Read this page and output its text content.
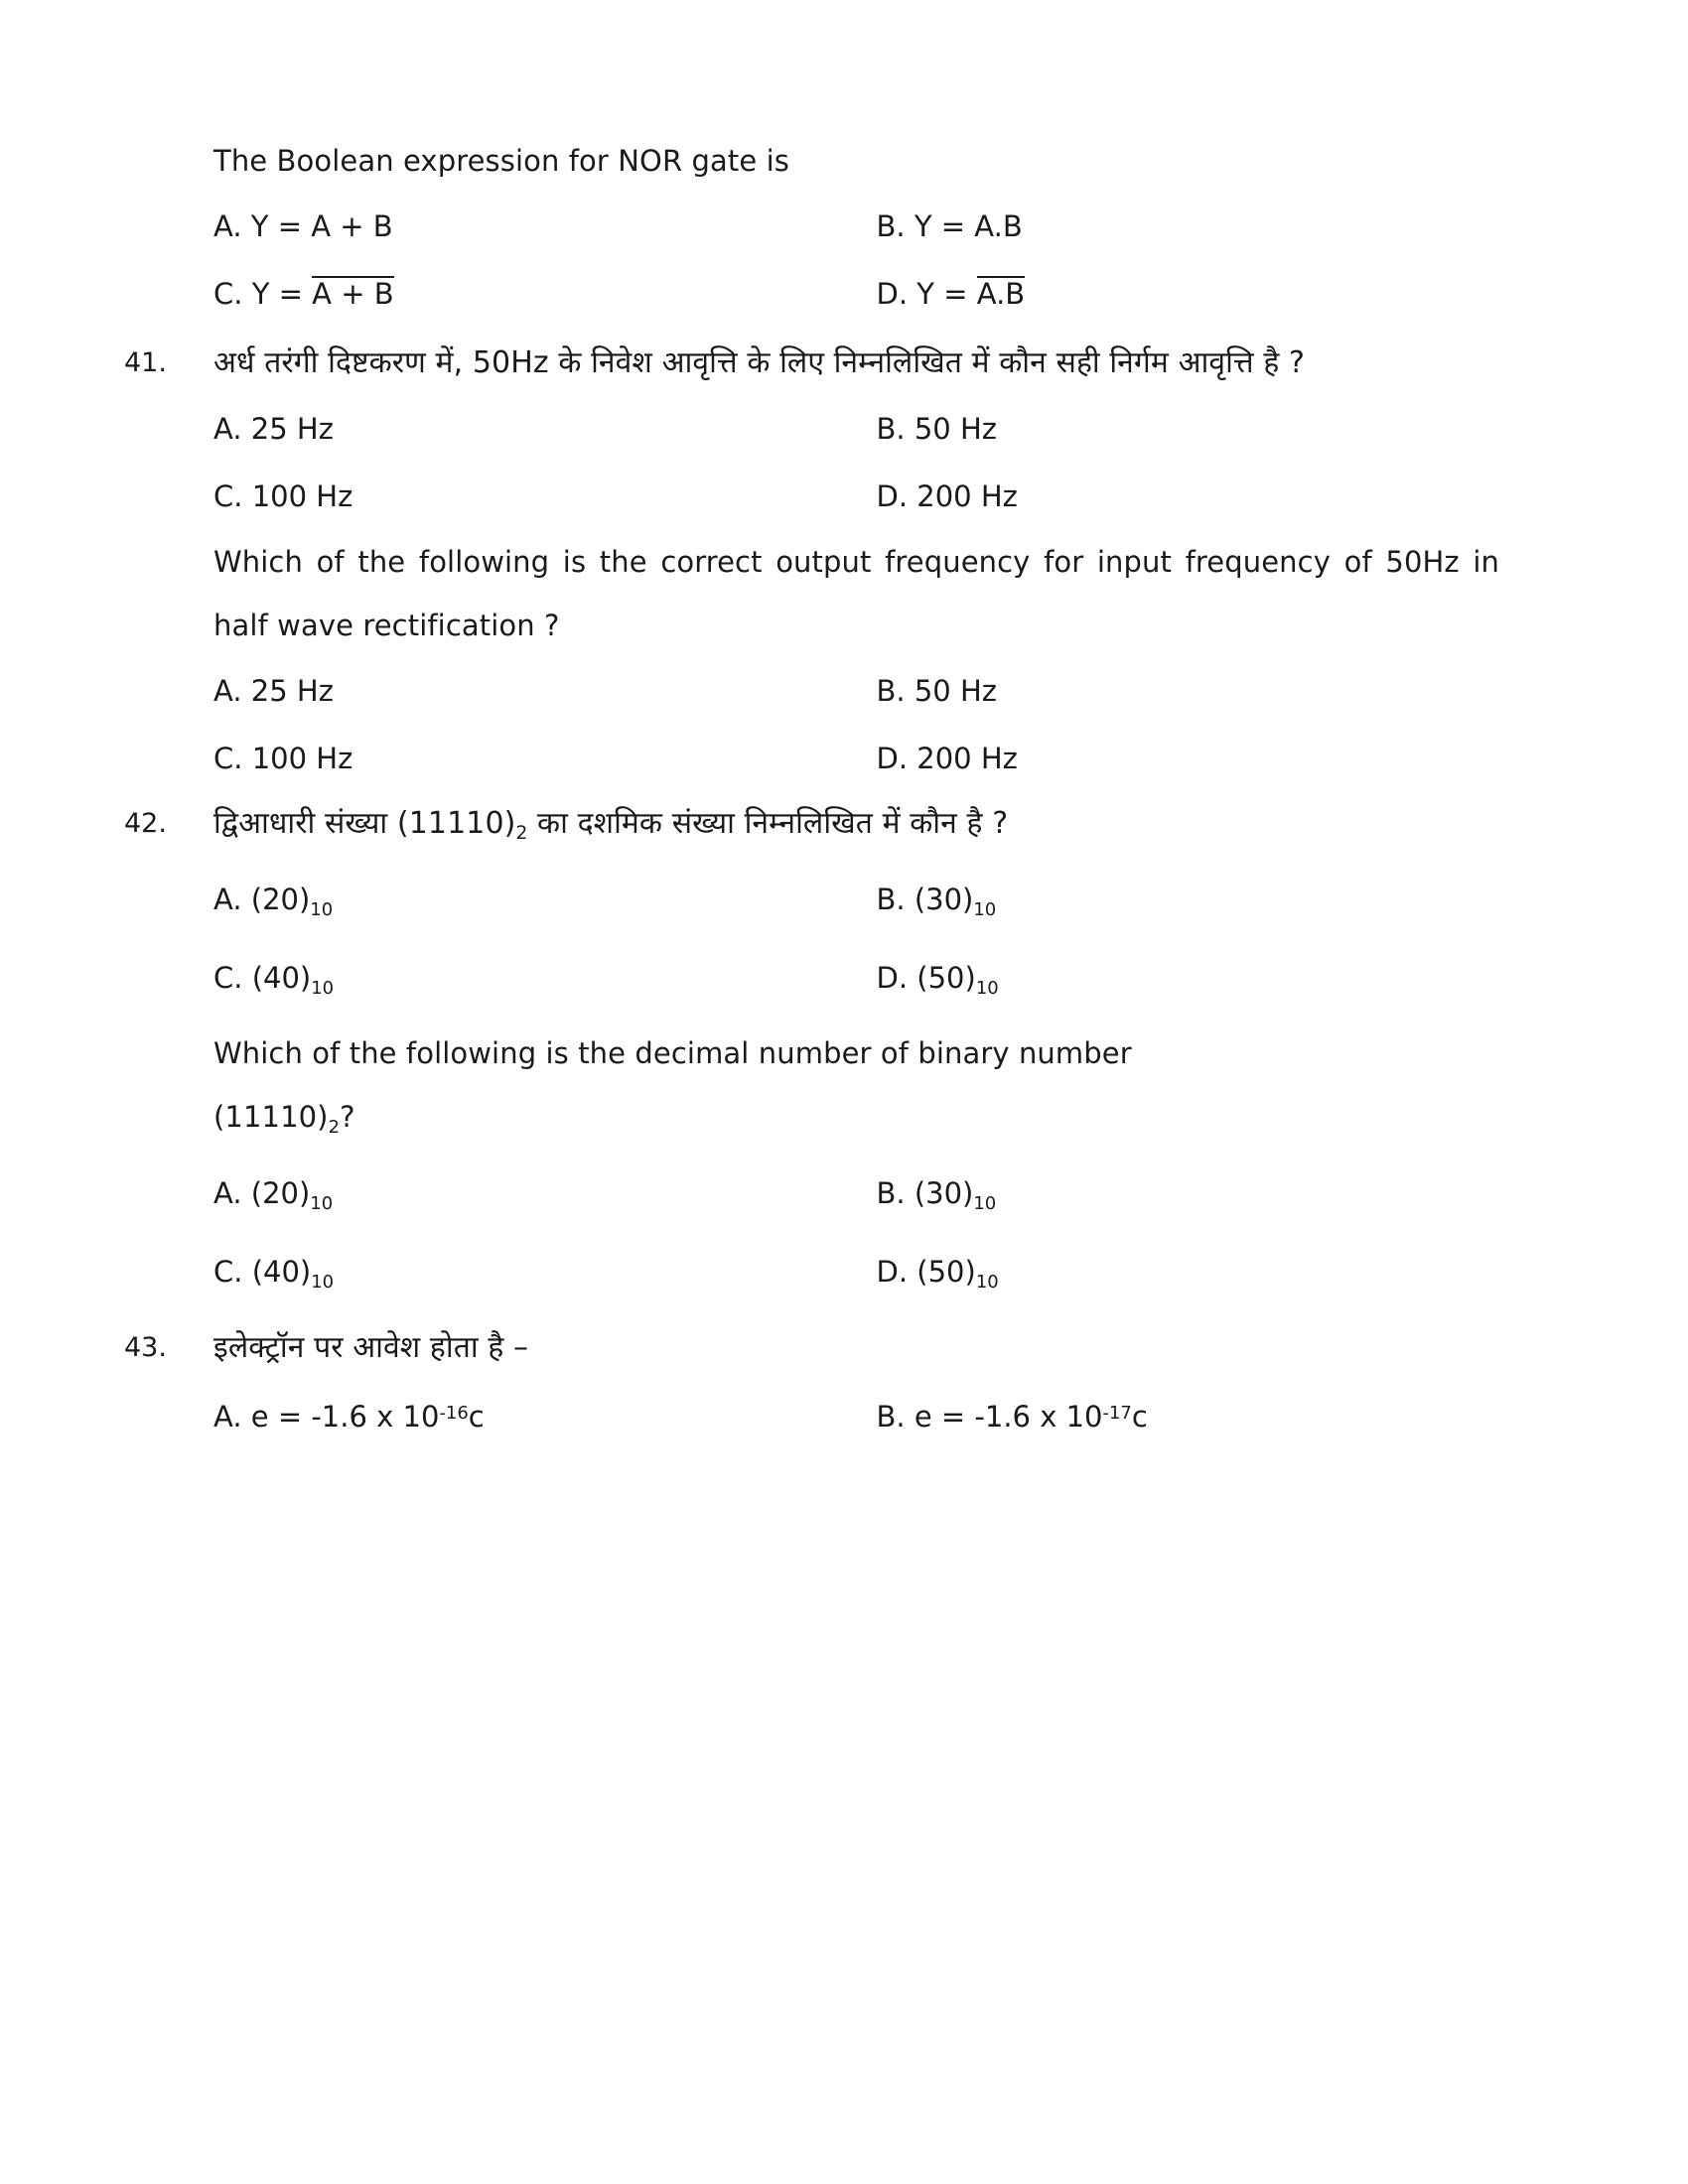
The Boolean expression for NOR gate is
A. Y = A + B	B. Y = A.B
C. Y = A + B	D. Y = A.B
41.	अर्ध तरंगी दिष्टकरण में, 50Hz के निवेश आवृत्ति के लिए निम्नलिखित में कौन सही निर्गम आवृत्ति है ?
A. 25 Hz	B. 50 Hz
C. 100 Hz	D. 200 Hz
Which of the following is the correct output frequency for input frequency of 50Hz in half wave rectification ?
A. 25 Hz	B. 50 Hz
C. 100 Hz	D. 200 Hz
42.	द्विआधारी संख्या $(11110)_2$ का दशमिक संख्या निम्नलिखित में कौन है ?
A. $(20)_{10}$	B. $(30)_{10}$
C. $(40)_{10}$	D. $(50)_{10}$
Which of the following is the decimal number of binary number
$(11110)_2$?
A. $(20)_{10}$	B. $(30)_{10}$
C. $(40)_{10}$	D. $(50)_{10}$
43.	इलेक्ट्रॉन पर आवेश होता है –
A. e = -1.6 x $10^{-16}c$	B. e = -1.6 x $10^{-17}c$
